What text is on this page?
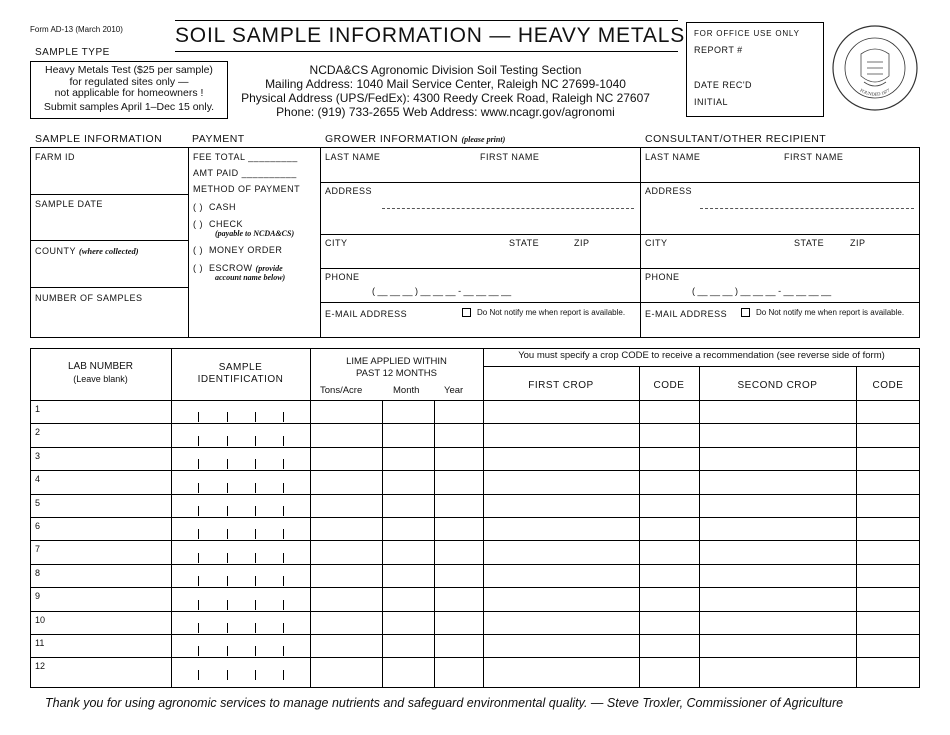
Form AD-13 (March 2010) SOIL SAMPLE INFORMATION — HEAVY METALS
SAMPLE TYPE
Heavy Metals Test ($25 per sample)
for regulated sites only —
not applicable for homeowners !
Submit samples April 1–Dec 15 only.
NCDA&CS Agronomic Division Soil Testing Section
Mailing Address: 1040 Mail Service Center, Raleigh NC 27699-1040
Physical Address (UPS/FedEx): 4300 Reedy Creek Road, Raleigh NC 27607
Phone: (919) 733-2655 Web Address: www.ncagr.gov/agronomi
FOR OFFICE USE ONLY
REPORT #
DATE REC'D
INITIAL
FOUNDED 1877
SAMPLE INFORMATION	PAYMENT	GROWER INFORMATION (please print)	CONSULTANT/OTHER RECIPIENT
FARM ID
SAMPLE DATE
COUNTY (where collected)
NUMBER OF SAMPLES
FEE TOTAL _________
AMT PAID __________
METHOD OF PAYMENT
( ) CASH
( ) CHECK
(payable to NCDA&CS)
( ) MONEY ORDER
( ) ESCROW (provide
account name below)
LAST NAME	FIRST NAME
ADDRESS
CITY	STATE	ZIP
PHONE
( __ __ __ ) __ __ __ - __ __ __ __
E-MAIL ADDRESS	Do Not notify me when report is available.
LAST NAME	FIRST NAME
ADDRESS
CITY	STATE	ZIP
PHONE
( __ __ __ ) __ __ __ - __ __ __ __
E-MAIL ADDRESS	Do Not notify me when report is available.
LAB NUMBER
(Leave blank)
SAMPLE
IDENTIFICATION
LIME APPLIED WITHIN
PAST 12 MONTHS
Tons/Acre	Month	Year
You must specify a crop CODE to receive a recommendation (see reverse side of form)
FIRST CROP	CODE	SECOND CROP	CODE
1
2
3
4
5
6
7
8
9
10
11
12
Thank you for using agronomic services to manage nutrients and safeguard environmental quality. — Steve Troxler, Commissioner of Agriculture
